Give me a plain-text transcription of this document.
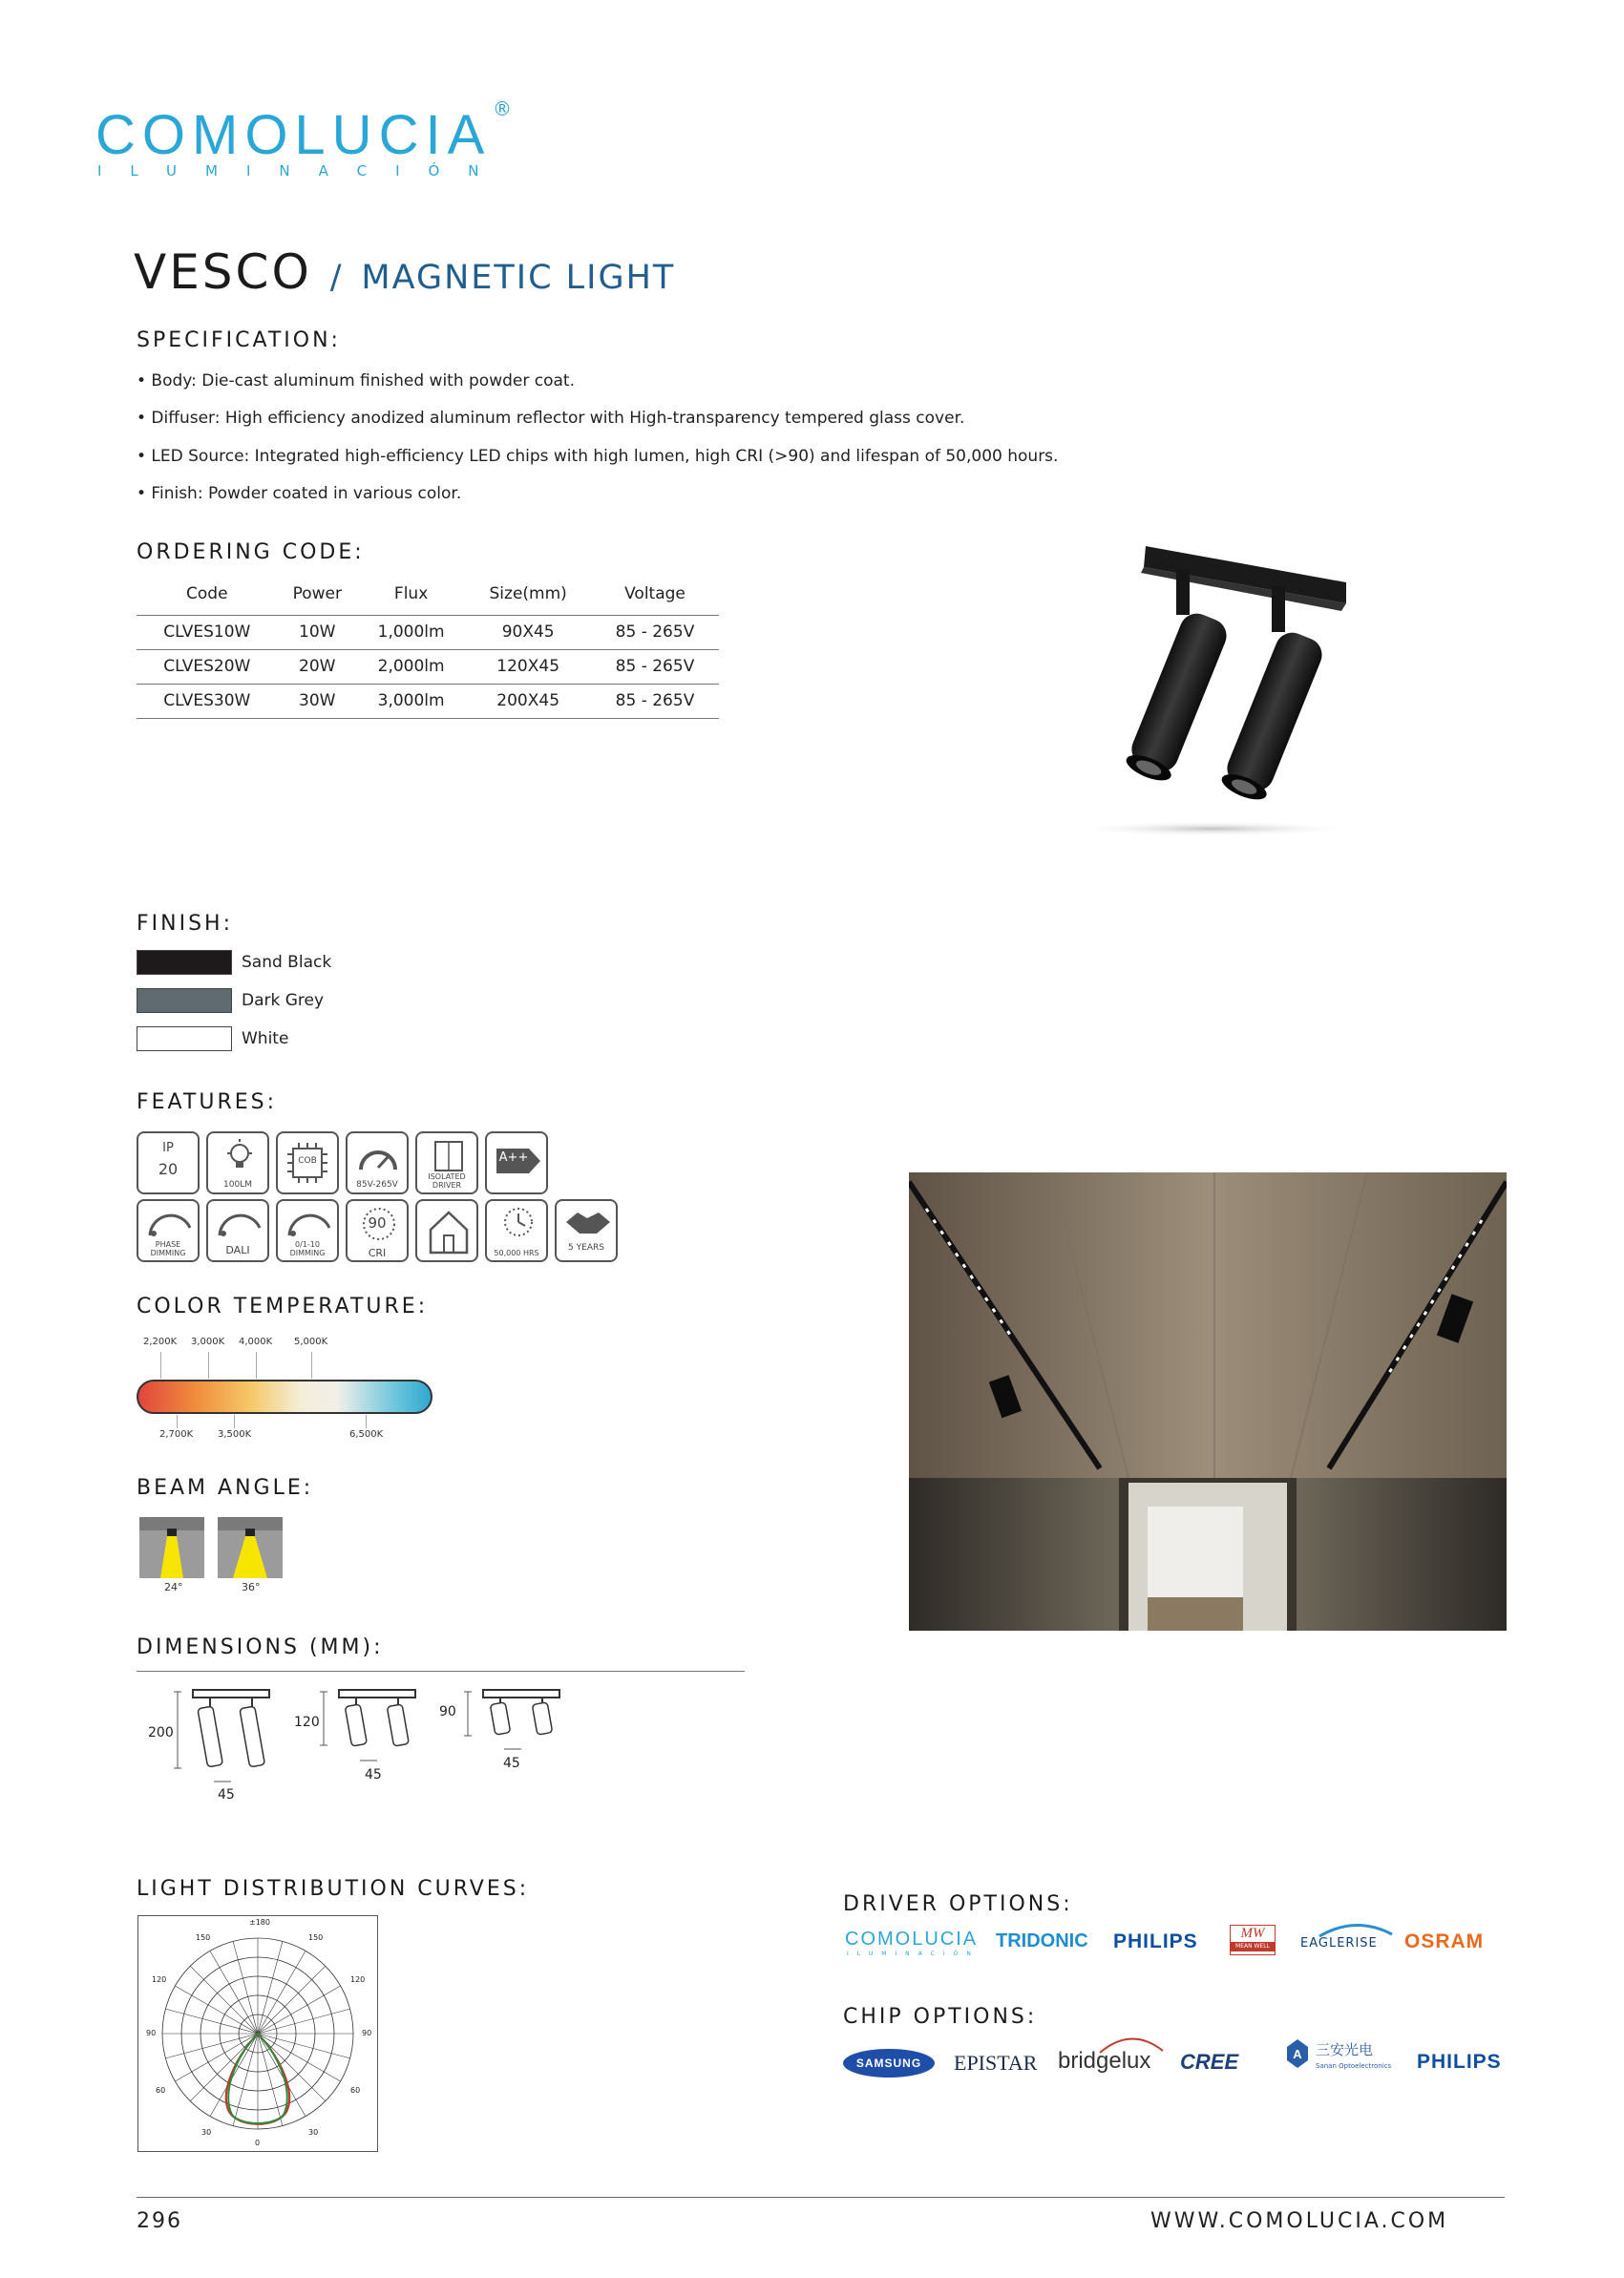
COMOLUCIA ®
ILUMINACIÓN
VESCO / MAGNETIC LIGHT
SPECIFICATION:
• Body: Die-cast aluminum finished with powder coat.
• Diffuser: High efficiency anodized aluminum reflector with High-transparency tempered glass cover.
• LED Source: Integrated high-efficiency LED chips with high lumen, high CRI (>90) and lifespan of 50,000 hours.
• Finish: Powder coated in various color.
ORDERING CODE:
Code	Power	Flux	Size(mm)	Voltage
CLVES10W	10W	1,000lm	90X45	85 - 265V
CLVES20W	20W	2,000lm	120X45	85 - 265V
CLVES30W	30W	3,000lm	200X45	85 - 265V
FINISH:
Sand Black
Dark Grey
White
FEATURES:
IP
20
100LM
COB
85V-265V
ISOLATED DRIVER
A++
PHASE DIMMING	DALI	0/1-10 DIMMING
90
CRI	50,000 HRS
5 YEARS
COLOR TEMPERATURE:
2,200K 3,000K 4,000K 5,000K
2,700K	3,500K	6,500K
BEAM ANGLE:
24°	36°
DIMENSIONS (MM):
200
45
120
45
90
45
LIGHT DISTRIBUTION CURVES:
±180
150	150
120	120
90	90
60	60
30	30
0
DRIVER OPTIONS:
COMOLUCIA
ILUMINACIÓN
TRIDONIC PHILIPS	MW
MEAN WELL	EAGLERISE OSRAM
CHIP OPTIONS:
SAMSUNG	EPISTAR bridgelux CREE	A 三安光电
Sanan Optoelectronics PHILIPS
296	WWW.COMOLUCIA.COM
